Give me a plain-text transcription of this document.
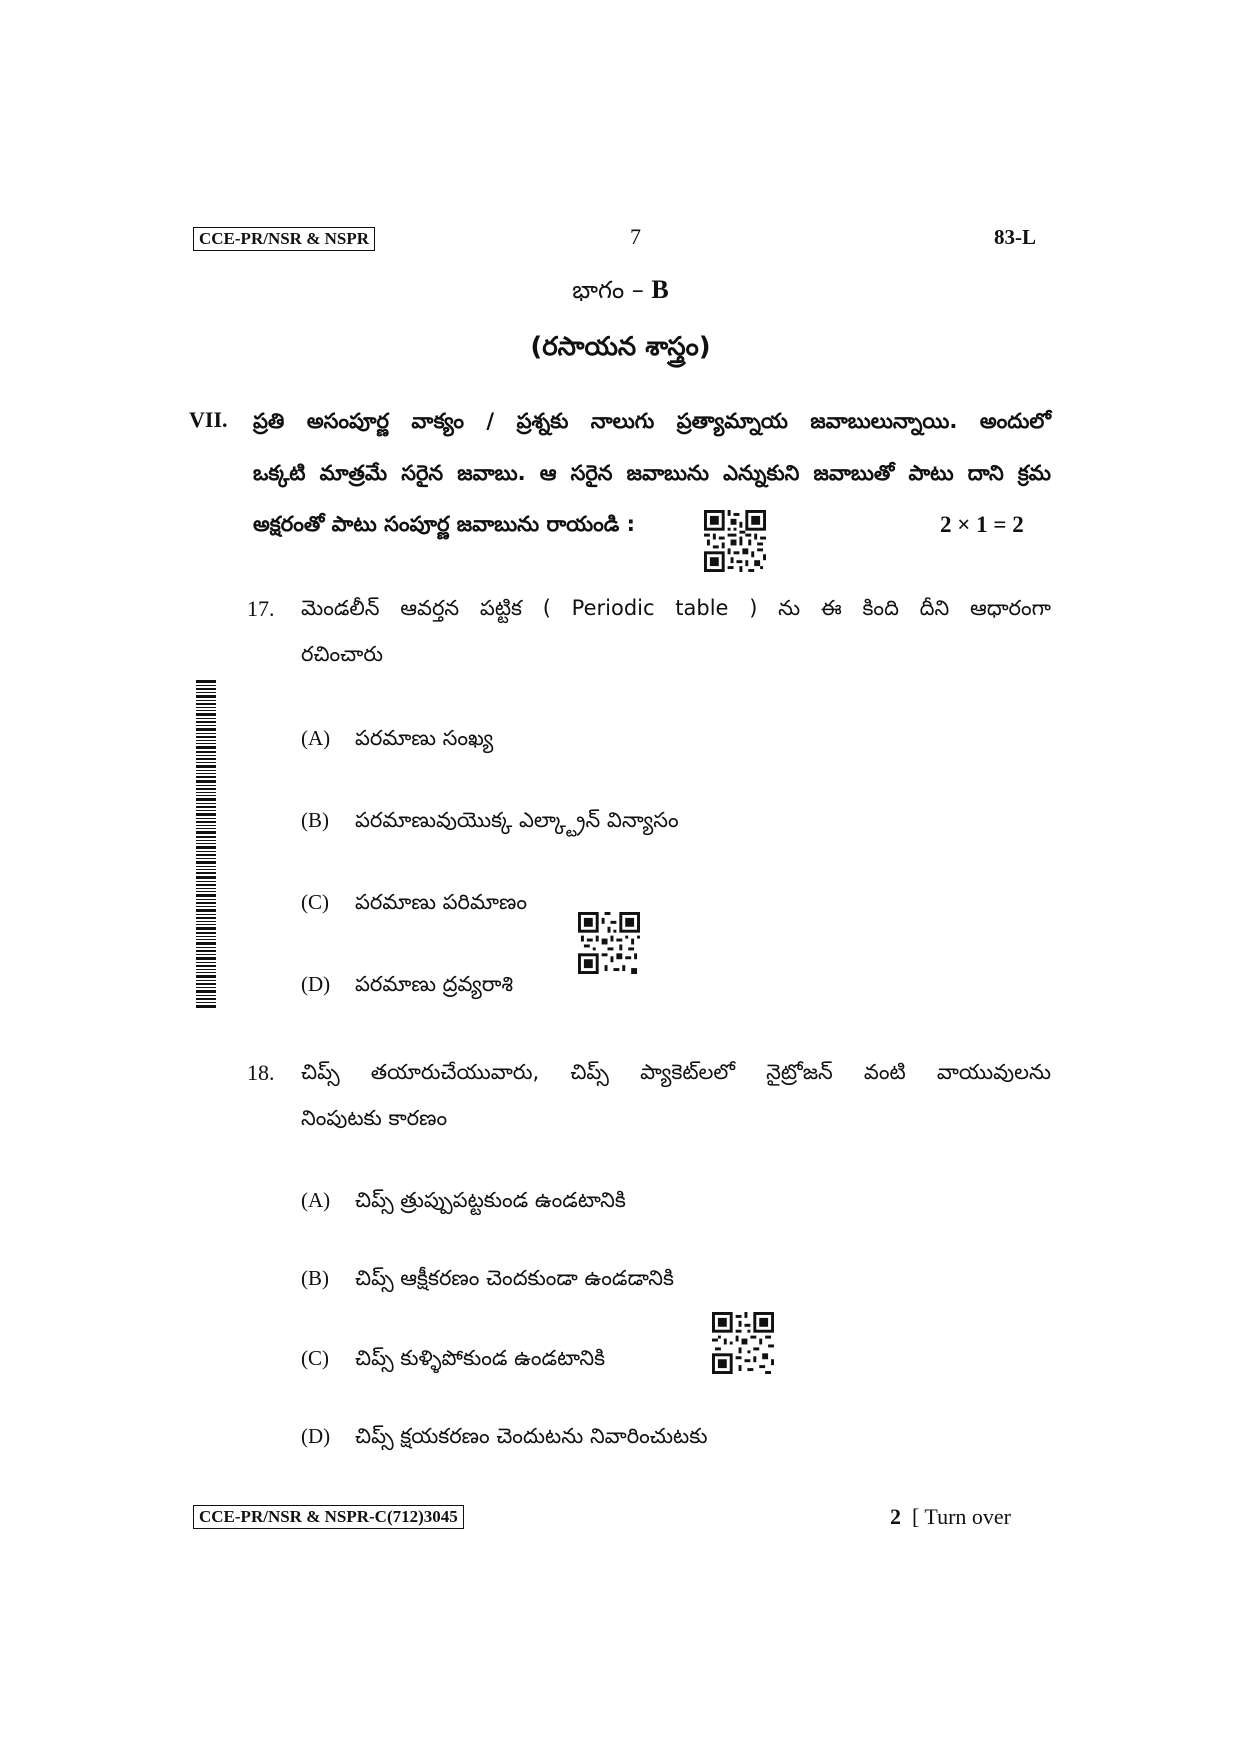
CCE-PR/NSR & NSPR	7	83-L
భాగం – B
(రసాయన శాస్త్రం)
VII. ప్రతి అసంపూర్ణ వాక్యం / ప్రశ్నకు నాలుగు ప్రత్యామ్నాయ జవాబులున్నాయి. అందులో
ఒక్కటి మాత్రమే సరైన జవాబు. ఆ సరైన జవాబును ఎన్నుకుని జవాబుతో పాటు దాని క్రమ
అక్షరంతో పాటు సంపూర్ణ జవాబును రాయండి :	2 × 1 = 2
17. మెండలీన్ ఆవర్తన పట్టిక ( Periodic table ) ను ఈ కింది దీని ఆధారంగా
రచించారు
(A) పరమాణు సంఖ్య
(B) పరమాణువుయొక్క ఎల్క్ట్రాన్ విన్యాసం
(C) పరమాణు పరిమాణం
(D) పరమాణు ద్రవ్యరాశి
18. చిప్స్ తయారుచేయువారు, చిప్స్ ప్యాకెట్‌లలో నైట్రోజన్ వంటి వాయువులను
నింపుటకు కారణం
(A) చిప్స్ త్రుప్పుపట్టకుండ ఉండటానికి
(B) చిప్స్ ఆక్షీకరణం చెందకుండా ఉండడానికి
(C) చిప్స్ కుళ్ళిపోకుండ ఉండటానికి
(D) చిప్స్ క్షయకరణం చెందుటను నివారించుటకు
CCE-PR/NSR & NSPR-C(712)3045	2 [ Turn over
